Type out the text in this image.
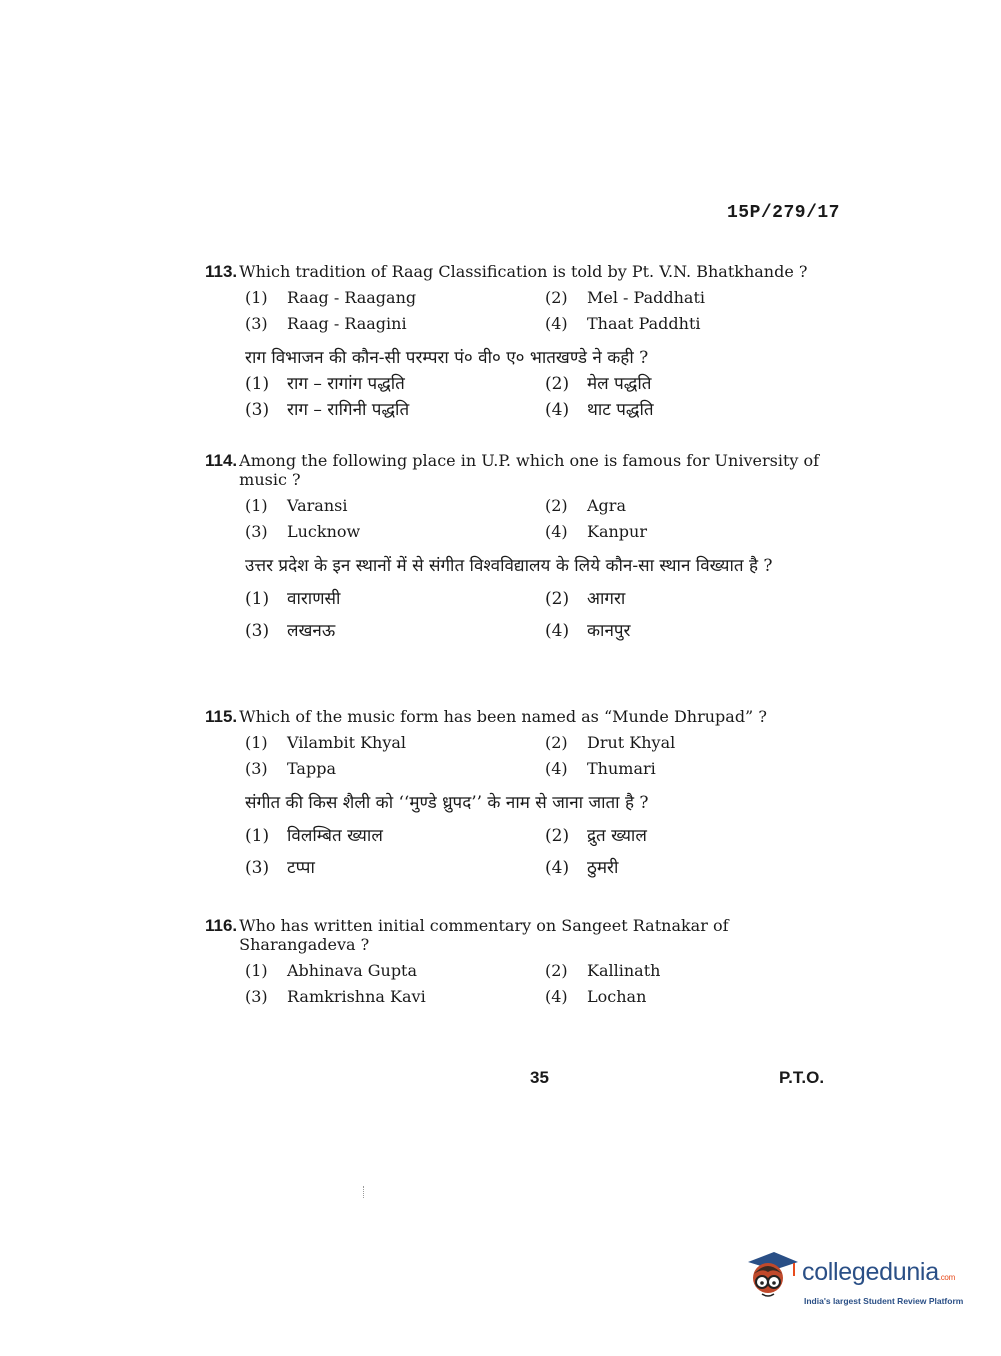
15P/279/17
113. Which tradition of Raag Classification is told by Pt. V.N. Bhatkhande ?
(1)	Raag - Raagang	(2)	Mel - Paddhati
(3)	Raag - Raagini	(4)	Thaat Paddhti
राग विभाजन की कौन-सी परम्परा पं० वी० ए० भातखण्डे ने कही ?
(1)	राग – रागांग पद्धति	(2)	मेल पद्धति
(3)	राग – रागिनी पद्धति	(4)	थाट पद्धति
114. Among the following place in U.P. which one is famous for University of music ?
(1)	Varansi	(2)	Agra
(3)	Lucknow	(4)	Kanpur
उत्तर प्रदेश के इन स्थानों में से संगीत विश्वविद्यालय के लिये कौन-सा स्थान विख्यात है ?
(1)	वाराणसी	(2)	आगरा
(3)	लखनऊ	(4)	कानपुर
115. Which of the music form has been named as “Munde Dhrupad” ?
(1)	Vilambit Khyal	(2)	Drut Khyal
(3)	Tappa	(4)	Thumari
संगीत की किस शैली को ‘‘मुण्डे ध्रुपद’’ के नाम से जाना जाता है ?
(1)	विलम्बित ख्याल	(2)	द्रुत ख्याल
(3)	टप्पा	(4)	ठुमरी
116. Who has written initial commentary on Sangeet Ratnakar of Sharangadeva ?
(1)	Abhinava Gupta	(2)	Kallinath
(3)	Ramkrishna Kavi	(4)	Lochan
35	P.T.O.
collegedunia.com
India's largest Student Review Platform
